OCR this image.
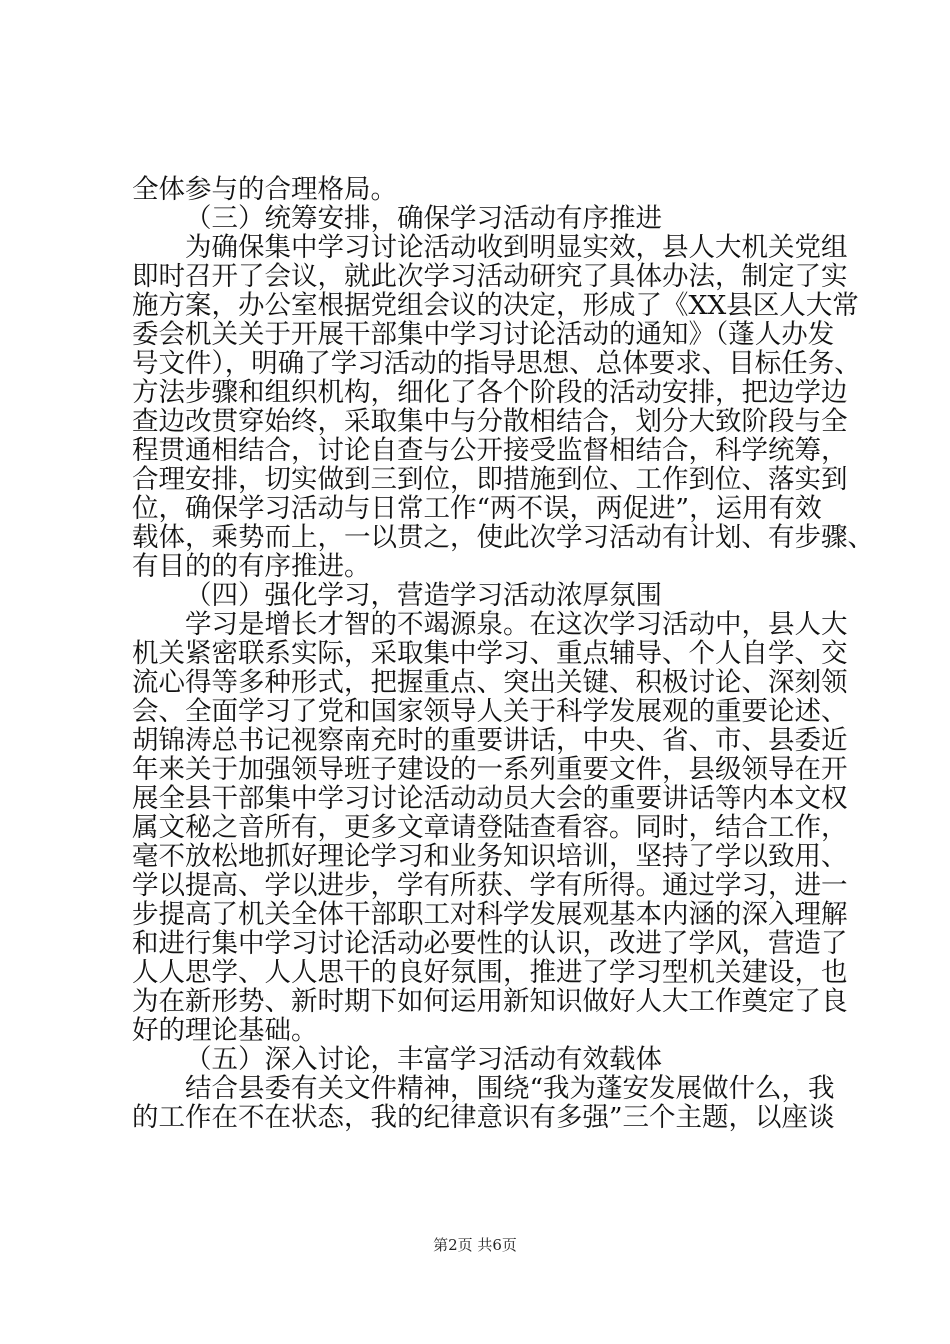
全体参与的合理格局。
（三）统筹安排，确保学习活动有序推进
为确保集中学习讨论活动收到明显实效，县人大机关党组
即时召开了会议，就此次学习活动研究了具体办法，制定了实
施方案，办公室根据党组会议的决定，形成了《XX县区人大常
委会机关关于开展干部集中学习讨论活动的通知》（蓬人办发
号文件），明确了学习活动的指导思想、总体要求、目标任务、
方法步骤和组织机构，细化了各个阶段的活动安排，把边学边
查边改贯穿始终，采取集中与分散相结合，划分大致阶段与全
程贯通相结合，讨论自查与公开接受监督相结合，科学统筹，
合理安排，切实做到三到位，即措施到位、工作到位、落实到
位，确保学习活动与日常工作“两不误，两促进”，运用有效
载体，乘势而上，一以贯之，使此次学习活动有计划、有步骤、
有目的的有序推进。
（四）强化学习，营造学习活动浓厚氛围
学习是增长才智的不竭源泉。在这次学习活动中，县人大
机关紧密联系实际，采取集中学习、重点辅导、个人自学、交
流心得等多种形式，把握重点、突出关键、积极讨论、深刻领
会、全面学习了党和国家领导人关于科学发展观的重要论述、
胡锦涛总书记视察南充时的重要讲话，中央、省、市、县委近
年来关于加强领导班子建设的一系列重要文件，县级领导在开
展全县干部集中学习讨论活动动员大会的重要讲话等内本文权
属文秘之音所有，更多文章请登陆查看容。同时，结合工作，
毫不放松地抓好理论学习和业务知识培训，坚持了学以致用、
学以提高、学以进步，学有所获、学有所得。通过学习，进一
步提高了机关全体干部职工对科学发展观基本内涵的深入理解
和进行集中学习讨论活动必要性的认识，改进了学风，营造了
人人思学、人人思干的良好氛围，推进了学习型机关建设，也
为在新形势、新时期下如何运用新知识做好人大工作奠定了良
好的理论基础。
（五）深入讨论，丰富学习活动有效载体
结合县委有关文件精神，围绕“我为蓬安发展做什么，我
的工作在不在状态，我的纪律意识有多强”三个主题，以座谈
第2页 共6页
